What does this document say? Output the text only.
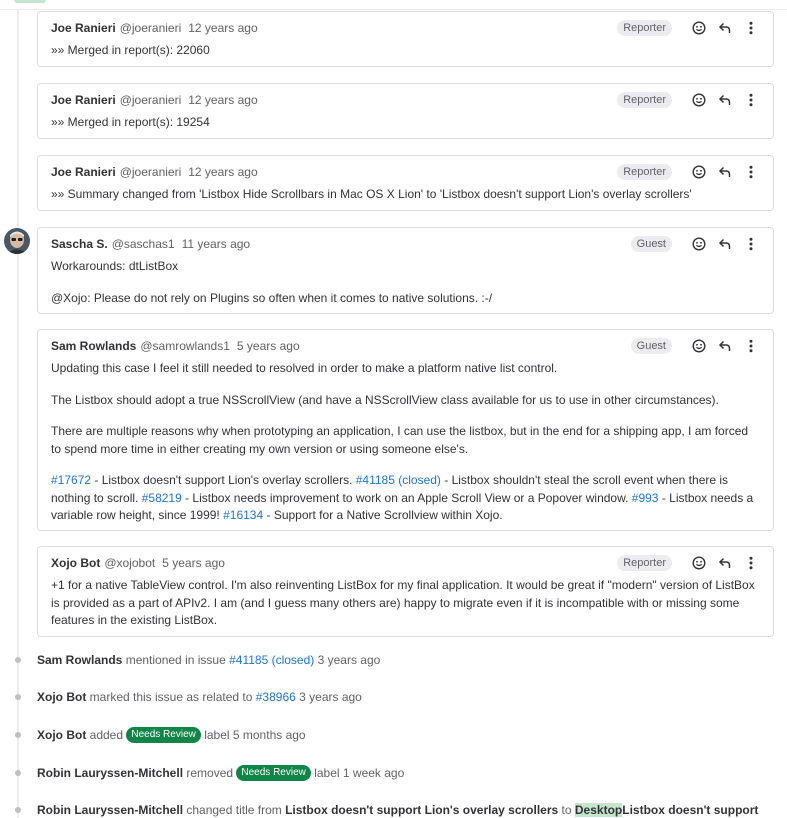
Joe Ranieri @joeranieri 12 years ago	Reporter

»» Merged in report(s): 22060

Joe Ranieri @joeranieri 12 years ago	Reporter

»» Merged in report(s): 19254

Joe Ranieri @joeranieri 12 years ago	Reporter

»» Summary changed from 'Listbox Hide Scrollbars in Mac OS X Lion' to 'Listbox doesn't support Lion's overlay scrollers'

Sascha S. @saschas1 11 years ago	Guest

Workarounds: dtListBox

@Xojo: Please do not rely on Plugins so often when it comes to native solutions. :-/

Sam Rowlands @samrowlands1 5 years ago	Guest

Updating this case I feel it still needed to resolved in order to make a platform native list control.

The Listbox should adopt a true NSScrollView (and have a NSScrollView class available for us to use in other circumstances).

There are multiple reasons why when prototyping an application, I can use the listbox, but in the end for a shipping app, I am forced to spend more time in either creating my own version or using someone else's.

#17672 - Listbox doesn't support Lion's overlay scrollers. #41185 (closed) - Listbox shouldn't steal the scroll event when there is nothing to scroll. #58219 - Listbox needs improvement to work on an Apple Scroll View or a Popover window. #993 - Listbox needs a variable row height, since 1999! #16134 - Support for a Native Scrollview within Xojo.

Xojo Bot @xojobot 5 years ago	Reporter

+1 for a native TableView control. I'm also reinventing ListBox for my final application. It would be great if "modern" version of ListBox is provided as a part of APIv2. I am (and I guess many others are) happy to migrate even if it is incompatible with or missing some features in the existing ListBox.

Sam Rowlands mentioned in issue #41185 (closed) 3 years ago
Xojo Bot marked this issue as related to #38966 3 years ago
Xojo Bot added Needs Review label 5 months ago
Robin Lauryssen-Mitchell removed Needs Review label 1 week ago
Robin Lauryssen-Mitchell changed title from Listbox doesn't support Lion's overlay scrollers to DesktopListbox doesn't support
